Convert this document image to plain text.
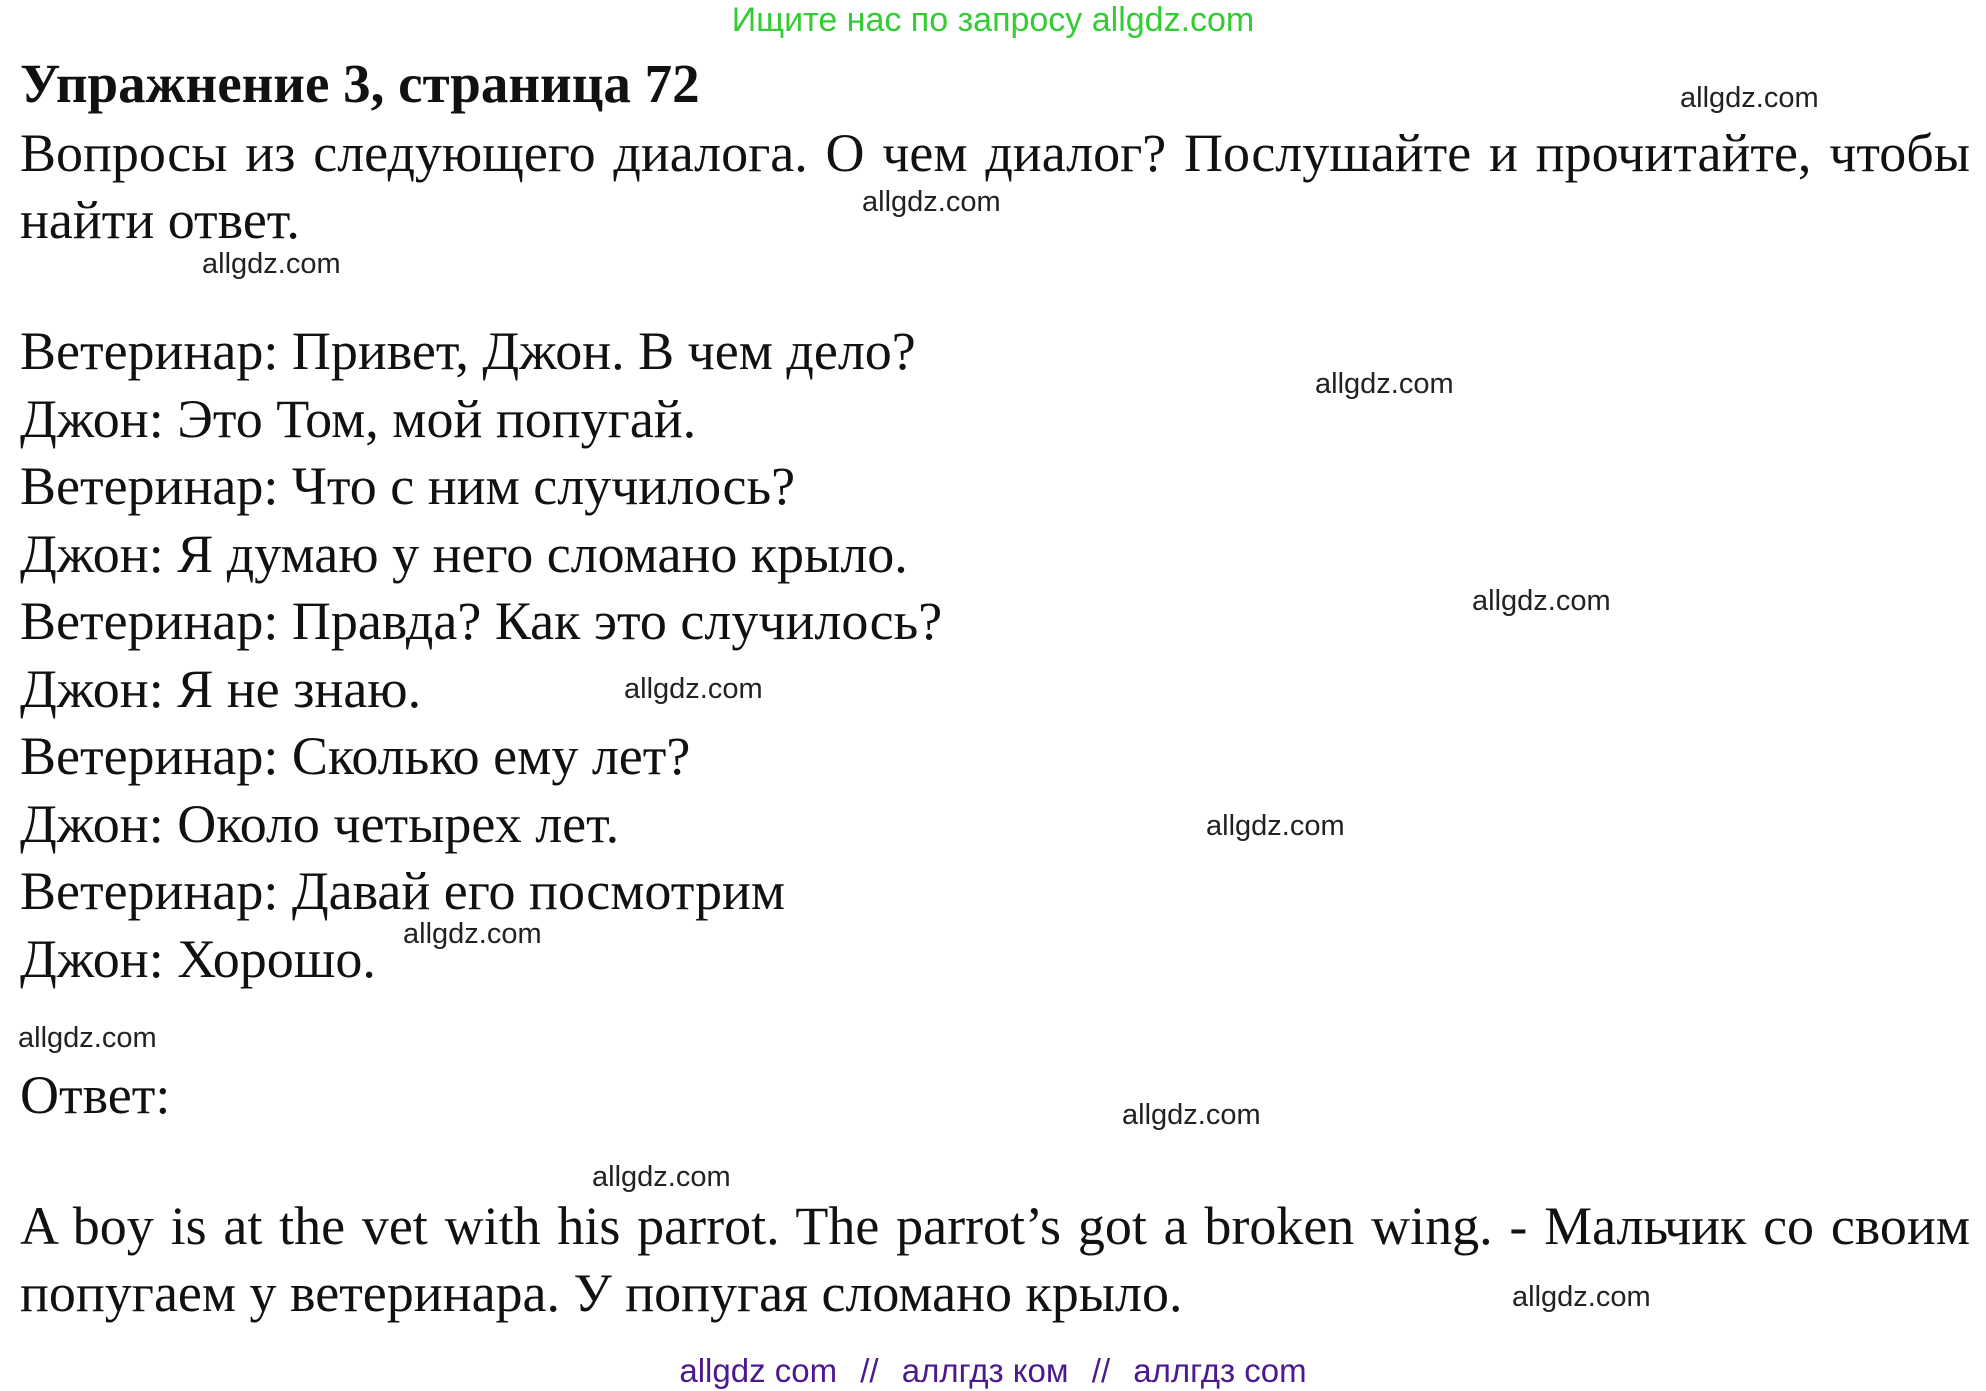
Ищите нас по запросу allgdz.com
Упражнение 3, страница 72
Вопросы из следующего диалога. О чем диалог? Послушайте и прочитайте, чтобы найти ответ.
Ветеринар: Привет, Джон. В чем дело?
Джон: Это Том, мой попугай.
Ветеринар: Что с ним случилось?
Джон: Я думаю у него сломано крыло.
Ветеринар: Правда? Как это случилось?
Джон: Я не знаю.
Ветеринар: Сколько ему лет?
Джон: Около четырех лет.
Ветеринар: Давай его посмотрим
Джон: Хорошо.
Ответ:
A boy is at the vet with his parrot. The parrot’s got a broken wing. - Мальчик со своим попугаем у ветеринара. У попугая сломано крыло.
allgdz.com
allgdz.com
allgdz.com
allgdz.com
allgdz.com
allgdz.com
allgdz.com
allgdz.com
allgdz.com
allgdz.com
allgdz.com
allgdz.com
allgdz com // аллгдз ком // аллгдз com
